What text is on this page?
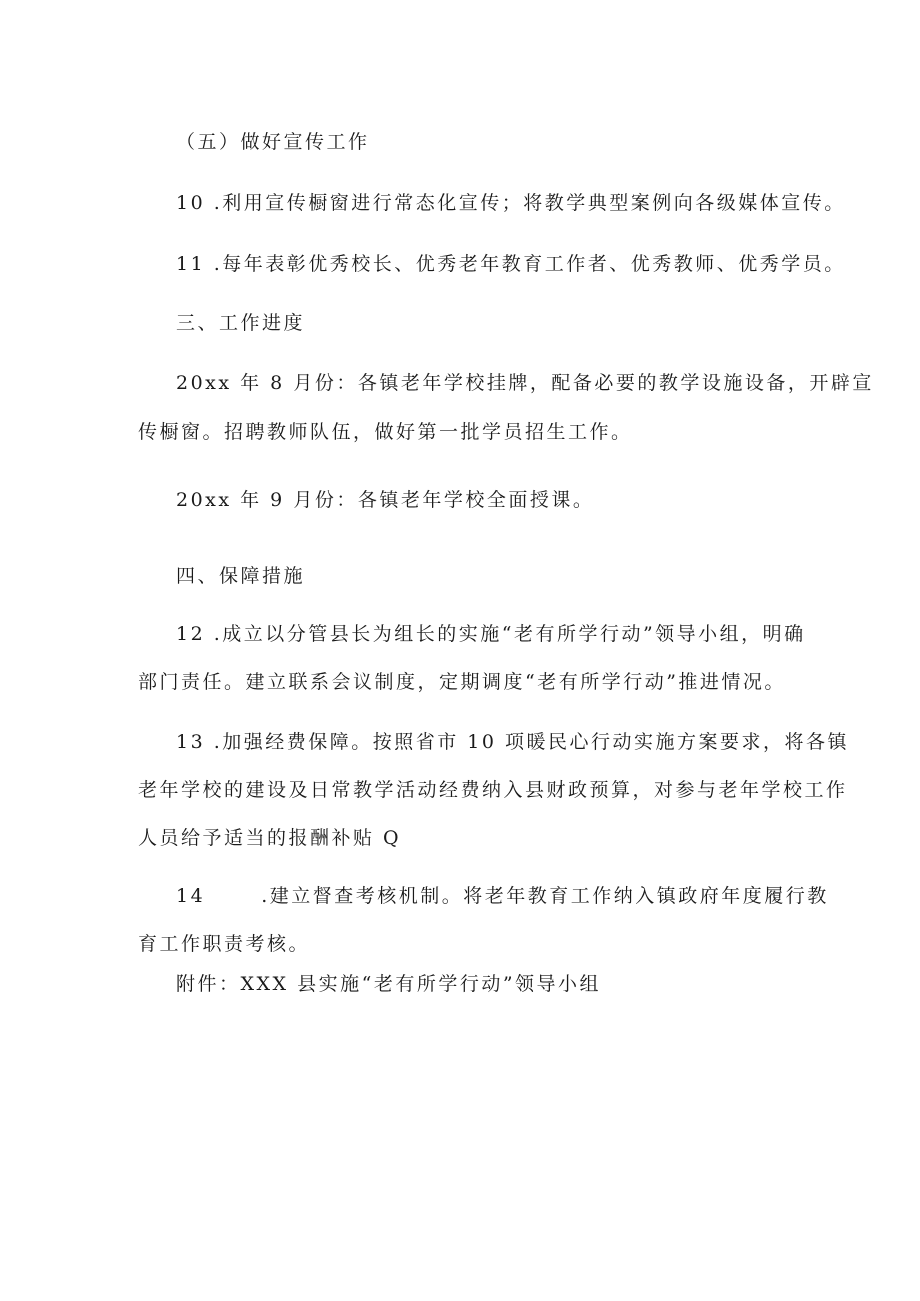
（五）做好宣传工作
10 .利用宣传橱窗进行常态化宣传；将教学典型案例向各级媒体宣传。
11 .每年表彰优秀校长、优秀老年教育工作者、优秀教师、优秀学员。
三、工作进度
20xx 年 8 月份：各镇老年学校挂牌，配备必要的教学设施设备，开辟宣
传橱窗。招聘教师队伍，做好第一批学员招生工作。
20xx 年 9 月份：各镇老年学校全面授课。
四、保障措施
12 .成立以分管县长为组长的实施“老有所学行动”领导小组，明确
部门责任。建立联系会议制度，定期调度“老有所学行动”推进情况。
13 .加强经费保障。按照省市 10 项暖民心行动实施方案要求，将各镇
老年学校的建设及日常教学活动经费纳入县财政预算，对参与老年学校工作
人员给予适当的报酬补贴 Q
14	.建立督查考核机制。将老年教育工作纳入镇政府年度履行教
育工作职责考核。
附件：XXX 县实施“老有所学行动”领导小组
